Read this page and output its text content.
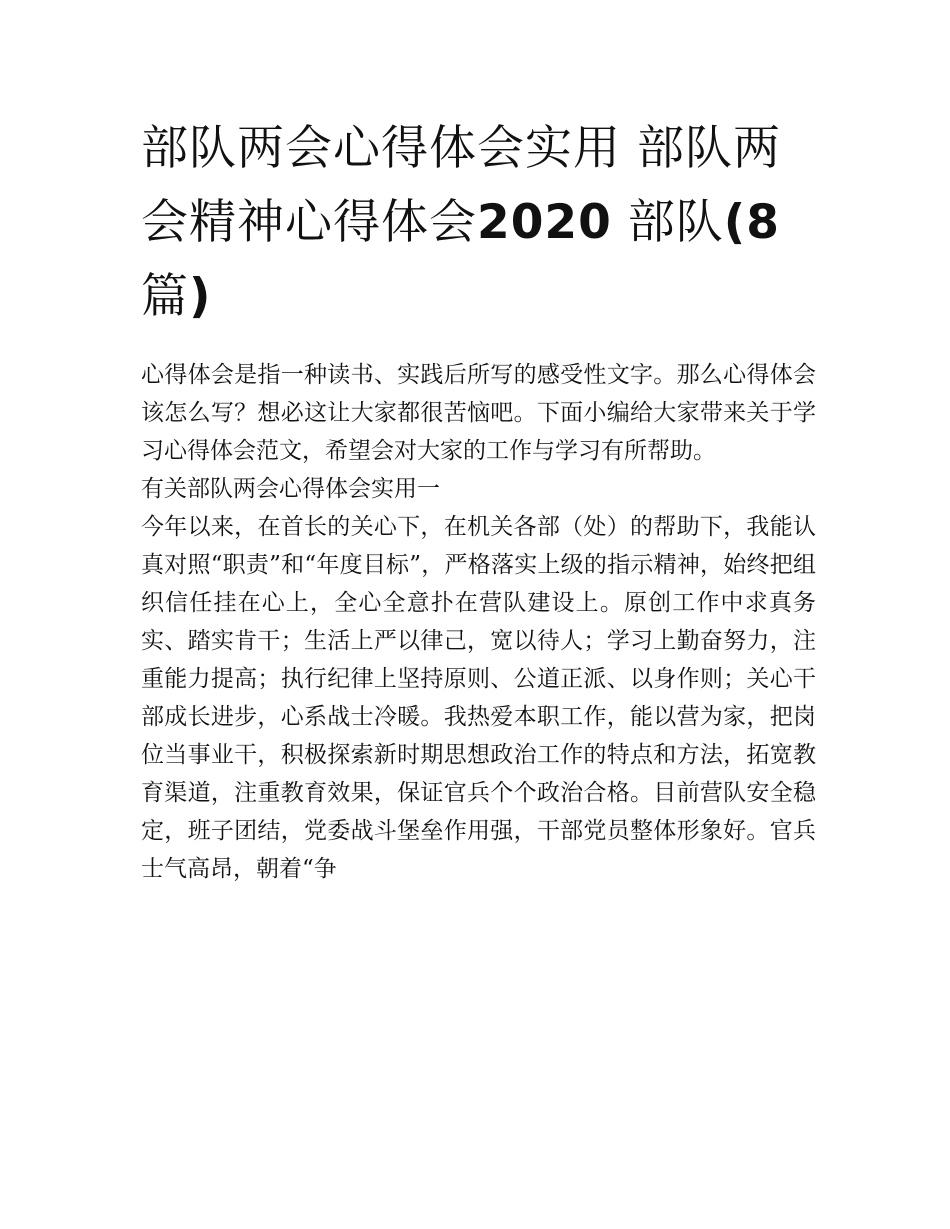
部队两会心得体会实用 部队两会精神心得体会2020 部队(8篇)

心得体会是指一种读书、实践后所写的感受性文字。那么心得体会该怎么写？想必这让大家都很苦恼吧。下面小编给大家带来关于学习心得体会范文，希望会对大家的工作与学习有所帮助。

有关部队两会心得体会实用一

今年以来，在首长的关心下，在机关各部（处）的帮助下，我能认真对照“职责”和“年度目标”，严格落实上级的指示精神，始终把组织信任挂在心上，全心全意扑在营队建设上。原创工作中求真务实、踏实肯干；生活上严以律己，宽以待人；学习上勤奋努力，注重能力提高；执行纪律上坚持原则、公道正派、以身作则；关心干部成长进步，心系战士冷暖。我热爱本职工作，能以营为家，把岗位当事业干，积极探索新时期思想政治工作的特点和方法，拓宽教育渠道，注重教育效果，保证官兵个个政治合格。目前营队安全稳定，班子团结，党委战斗堡垒作用强，干部党员整体形象好。官兵士气高昂，朝着“争
